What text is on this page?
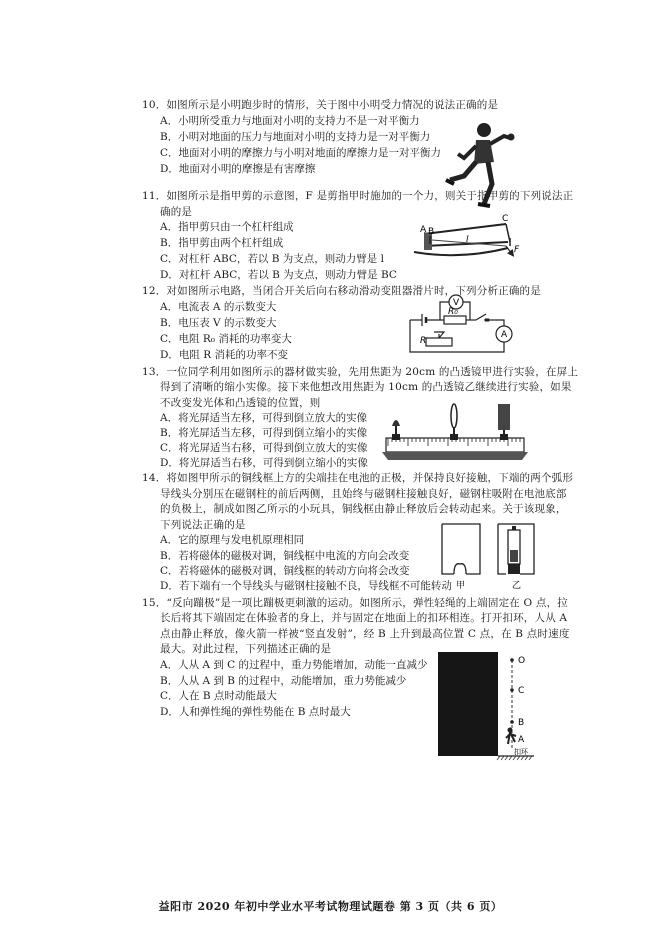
10．如图所示是小明跑步时的情形，关于图中小明受力情况的说法正确的是
A．小明所受重力与地面对小明的支持力不是一对平衡力
B．小明对地面的压力与地面对小明的支持力是一对平衡力
C．地面对小明的摩擦力与小明对地面的摩擦力是一对平衡力
D．地面对小明的摩擦是有害摩擦
11．如图所示是指甲剪的示意图，F 是剪指甲时施加的一个力，则关于指甲剪的下列说法正
确的是
A．指甲剪只由一个杠杆组成
B．指甲剪由两个杠杆组成
C．对杠杆 ABC，若以 B 为支点，则动力臂是 l
D．对杠杆 ABC，若以 B 为支点，则动力臂是 BC
A B
C
l
F
12．对如图所示电路，当闭合开关后向右移动滑动变阻器滑片时，下列分析正确的是
A．电流表 A 的示数变大
B．电压表 V 的示数变大
C．电阻 R₀ 消耗的功率变大
D．电阻 R 消耗的功率不变
V
A
R₀
R
13．一位同学利用如图所示的器材做实验，先用焦距为 20cm 的凸透镜甲进行实验，在屏上
得到了清晰的缩小实像。接下来他想改用焦距为 10cm 的凸透镜乙继续进行实验，如果
不改变发光体和凸透镜的位置，则
A．将光屏适当左移，可得到倒立放大的实像
B．将光屏适当左移，可得到倒立缩小的实像
C．将光屏适当右移，可得到倒立放大的实像
D．将光屏适当右移，可得到倒立缩小的实像
14．将如图甲所示的铜线框上方的尖端挂在电池的正极，并保持良好接触，下端的两个弧形
导线头分别压在磁钢柱的前后两侧，且始终与磁钢柱接触良好，磁钢柱吸附在电池底部
的负极上，制成如图乙所示的小玩具，铜线框由静止释放后会转动起来。关于该现象，
下列说法正确的是
A．它的原理与发电机原理相同
B．若将磁体的磁极对调，铜线框中电流的方向会改变
C．若将磁体的磁极对调，铜线框的转动方向将会改变
D．若下端有一个导线头与磁钢柱接触不良，导线框不可能转动 甲	乙
15．“反向蹦极”是一项比蹦极更刺激的运动。如图所示，弹性轻绳的上端固定在 O 点，拉
长后将其下端固定在体验者的身上，并与固定在地面上的扣环相连。打开扣环，人从 A
点由静止释放，像火箭一样被“竖直发射”，经 B 上升到最高位置 C 点，在 B 点时速度
最大。对此过程，下列描述正确的是
A．人从 A 到 C 的过程中，重力势能增加，动能一直减少
B．人从 A 到 B 的过程中，动能增加，重力势能减少
C．人在 B 点时动能最大
D．人和弹性绳的弹性势能在 B 点时最大
O
C
B
A
扣环
益阳市 2020 年初中学业水平考试物理试题卷 第 3 页（共 6 页）
